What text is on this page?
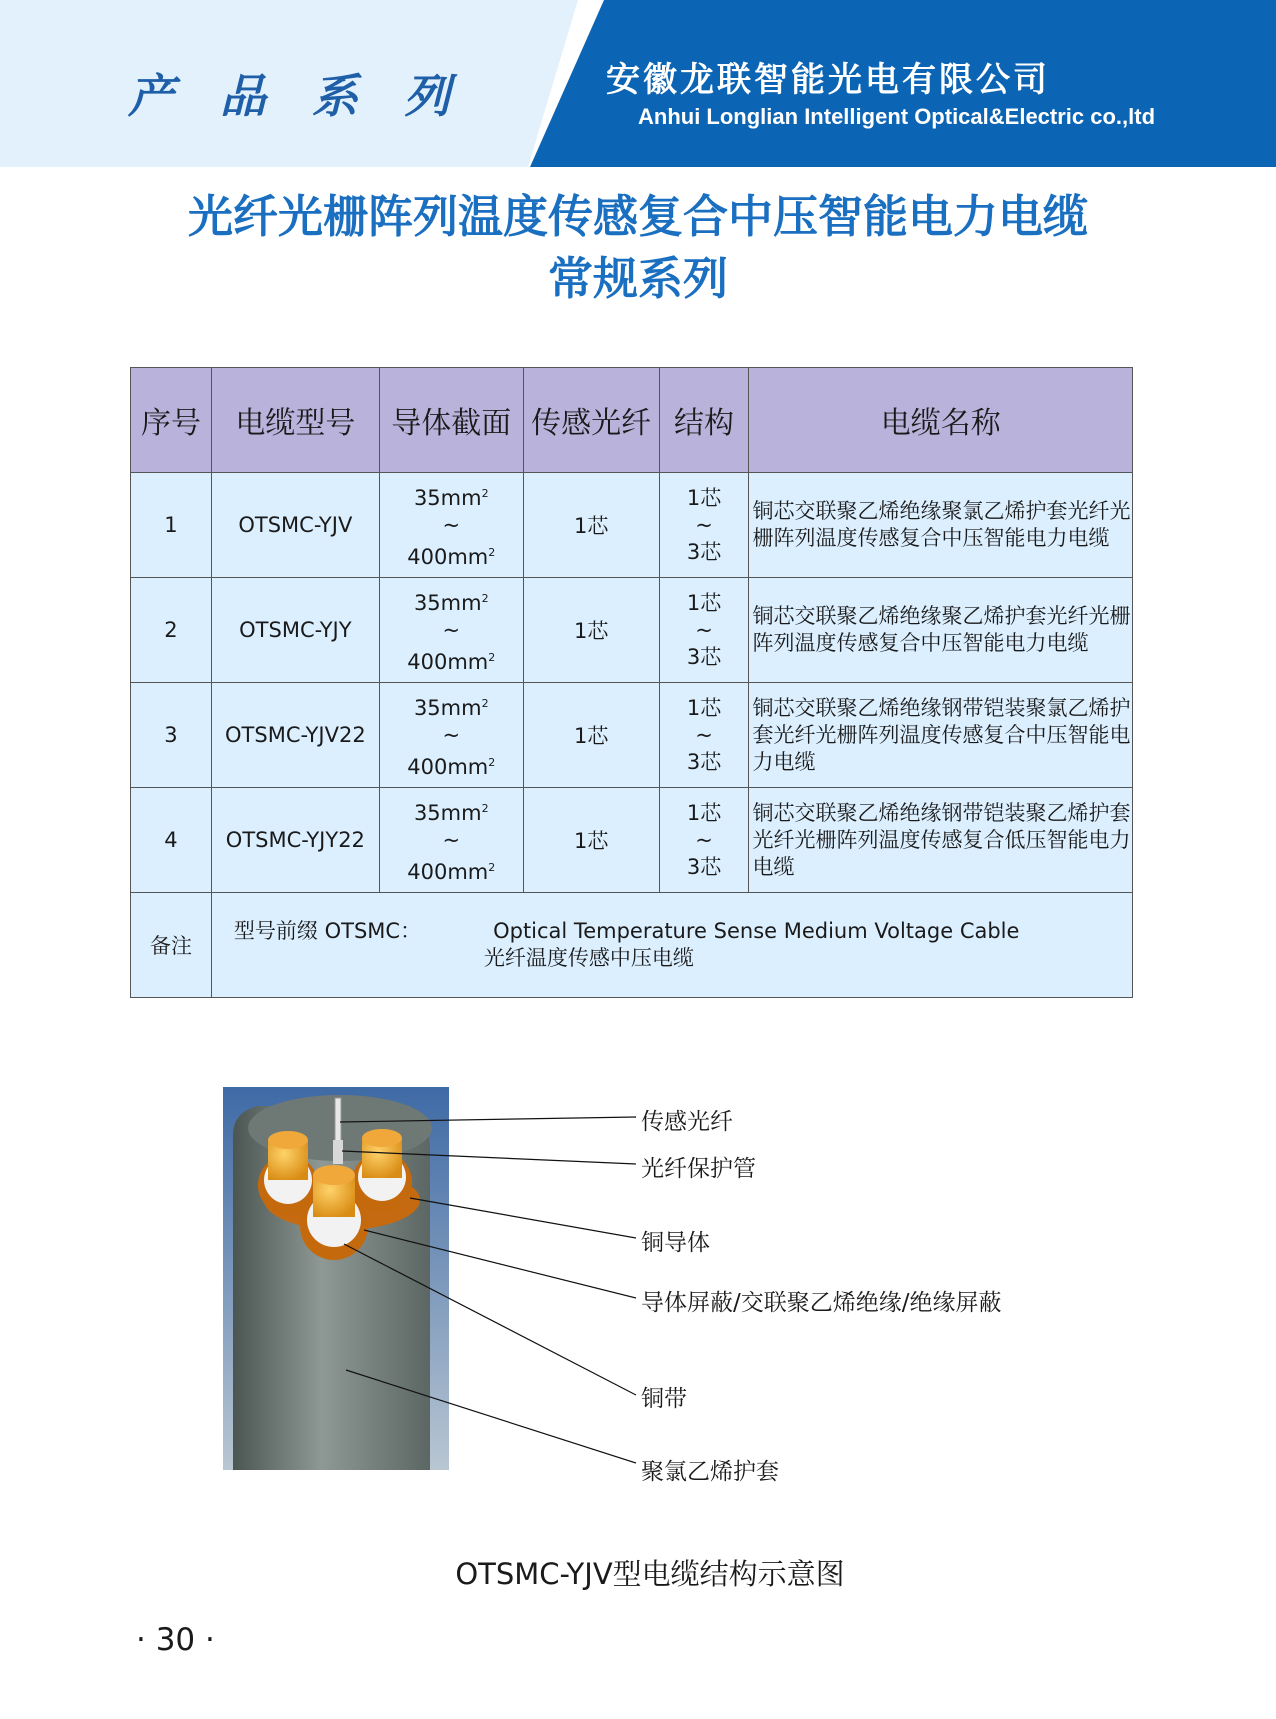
产品系列	安徽龙联智能光电有限公司
Anhui Longlian Intelligent Optical&Electric co.,ltd
光纤光栅阵列温度传感复合中压智能电力电缆
常规系列
序号	电缆型号	导体截面	传感光纤	结构	电缆名称
1	OTSMC-YJV	$35mm^2$
~
$400mm^2$	1芯	1芯
~
3芯	铜芯交联聚乙烯绝缘聚氯乙烯护套光纤光栅阵列温度传感复合中压智能电力电缆
2	OTSMC-YJY	$35mm^2$
~
$400mm^2$	1芯	1芯
~
3芯	铜芯交联聚乙烯绝缘聚乙烯护套光纤光栅阵列温度传感复合中压智能电力电缆
3	OTSMC-YJV22	$35mm^2$
~
$400mm^2$	1芯	1芯
~
3芯	铜芯交联聚乙烯绝缘钢带铠装聚氯乙烯护套光纤光栅阵列温度传感复合中压智能电力电缆
4	OTSMC-YJY22	$35mm^2$
~
$400mm^2$	1芯	1芯
~
3芯	铜芯交联聚乙烯绝缘钢带铠装聚乙烯护套光纤光栅阵列温度传感复合低压智能电力电缆
备注	型号前缀 OTSMC： Optical Temperature Sense Medium Voltage Cable
光纤温度传感中压电缆				
传感光纤
光纤保护管
铜导体
导体屏蔽/交联聚乙烯绝缘/绝缘屏蔽
铜带
聚氯乙烯护套
OTSMC-YJV型电缆结构示意图
· 30 ·
